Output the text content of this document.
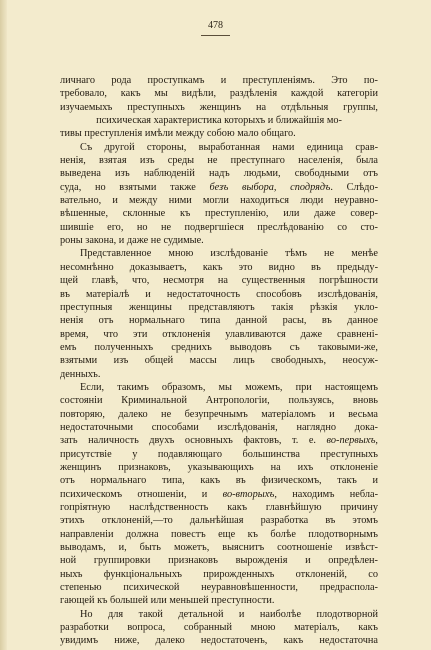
478
личнаго рода проступкамъ и преступленіямъ. Это по-
требовало, какъ мы видѣли, раздѣленія каждой категоріи
изучаемыхъ преступныхъ женщинъ на отдѣльныя группы,
психическая характеристика которыхъ и ближайшія мо-
тивы преступленія имѣли между собою мало общаго.
Съ другой стороны, выработанная нами единица срав-
ненія, взятая изъ среды не преступнаго населенія, была
выведена изъ наблюденій надъ людьми, свободными отъ
суда, но взятыми также безъ выбора, сподрядъ. Слѣдо-
вательно, и между ними могли находиться люди неуравно-
вѣшенные, склонные къ преступленію, или даже совер-
шившіе его, но не подвергшіеся преслѣдованію со сто-
роны закона, и даже не судимые.
Представленное мною изслѣдованіе тѣмъ не менѣе
несомнѣнно доказываетъ, какъ это видно въ предыду-
щей главѣ, что, несмотря на существенныя погрѣшности
въ матеріалѣ и недостаточность способовъ изслѣдованія,
преступныя женщины представляютъ такія рѣзкія укло-
ненія отъ нормальнаго типа данной расы, въ данное
время, что эти отклоненія улавливаются даже сравнені-
емъ полученныхъ среднихъ выводовъ съ таковыми-же,
взятыми изъ общей массы лицъ свободныхъ, неосуж-
денныхъ.
Если, такимъ образомъ, мы можемъ, при настоящемъ
состояніи Криминальной Антропологіи, пользуясь, вновь
повторяю, далеко не безупречнымъ матеріаломъ и весьма
недостаточными способами изслѣдованія, наглядно дока-
зать наличность двухъ основныхъ фактовъ, т. е. во-первыхъ,
присутствіе у подавляющаго большинства преступныхъ
женщинъ признаковъ, указывающихъ на ихъ отклоненіе
отъ нормальнаго типа, какъ въ физическомъ, такъ и
психическомъ отношеніи, и во-вторыхъ, находимъ небла-
гопріятную наслѣдственность какъ главнѣйшую причину
этихъ отклоненій,—то дальнѣйшая разработка въ этомъ
направленіи должна повестъ еще къ болѣе плодотворнымъ
выводамъ, и, быть можетъ, выяснитъ соотношеніе извѣст-
ной группировки признаковъ вырожденія и опредѣлен-
ныхъ функціональныхъ прирожденныхъ отклоненій, со
степенью психической неуравновѣшенности, предраспола-
гающей къ большей или меньшей преступности.
Но для такой детальной и наиболѣе плодотворной
разработки вопроса, собранный мною матеріалъ, какъ
увидимъ ниже, далеко недостаточенъ, какъ недостаточна
